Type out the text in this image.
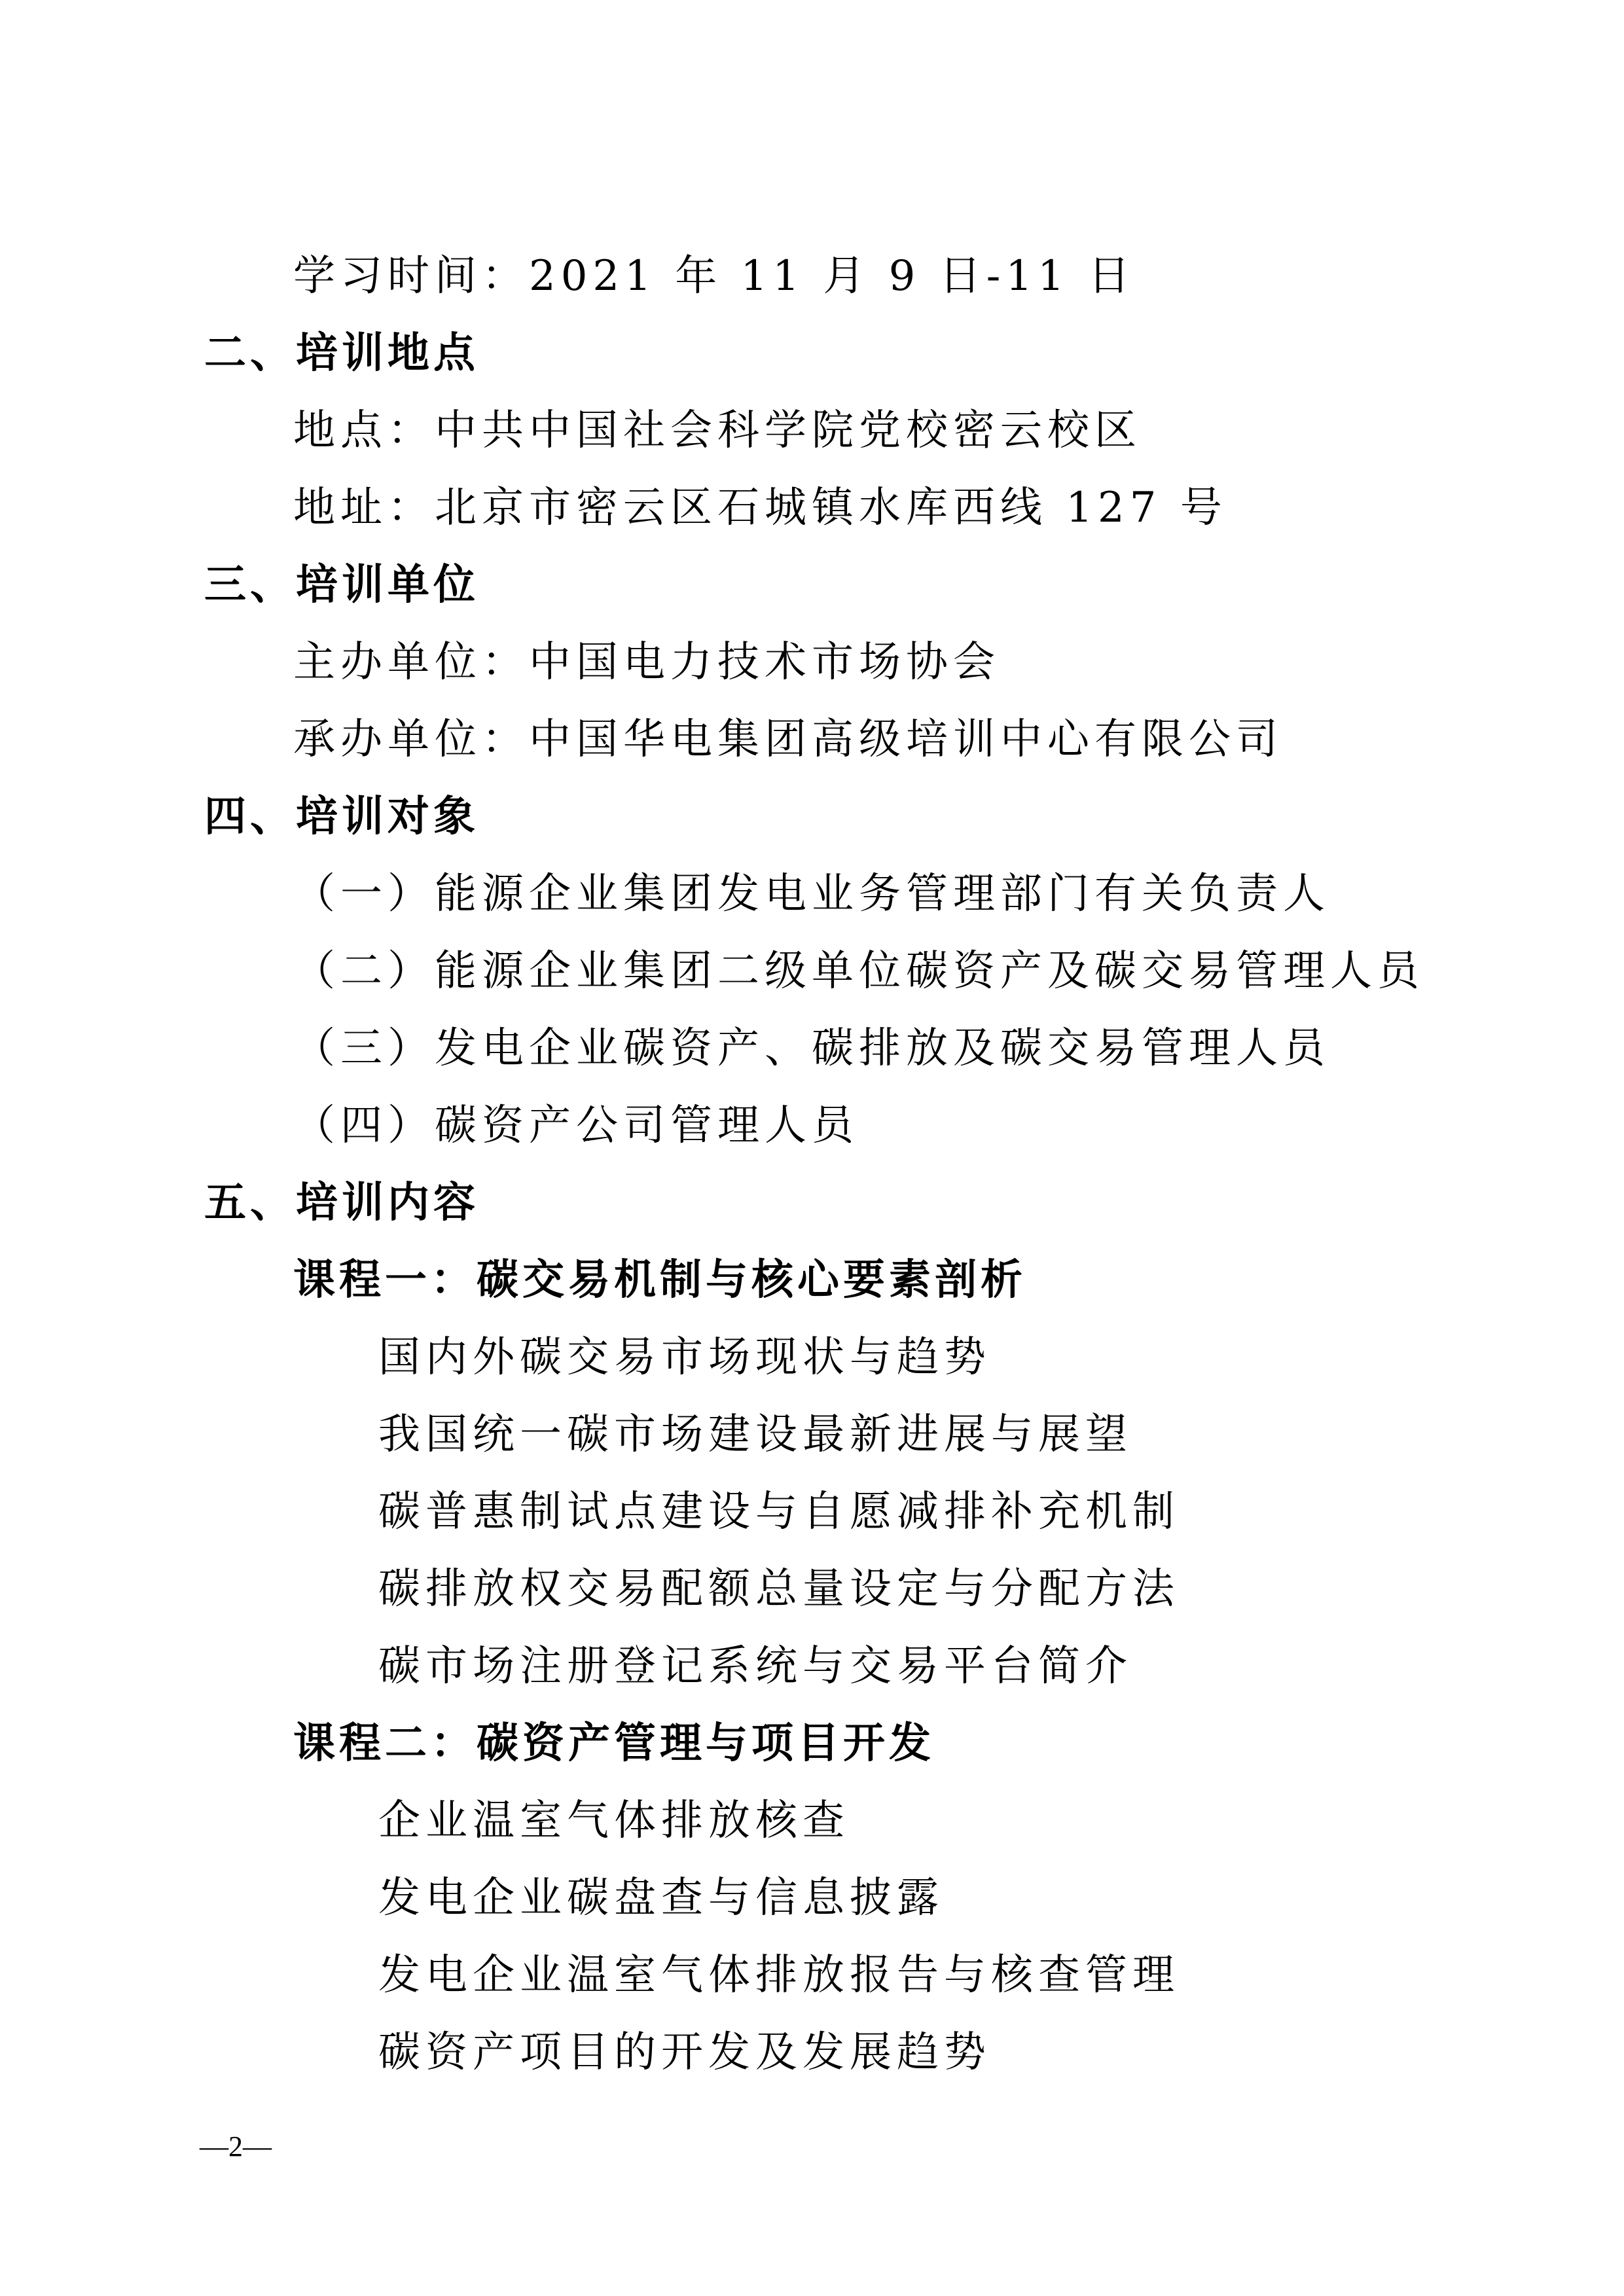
学习时间：2021 年 11 月 9 日-11 日
二、培训地点
地点：中共中国社会科学院党校密云校区
地址：北京市密云区石城镇水库西线 127 号
三、培训单位
主办单位：中国电力技术市场协会
承办单位：中国华电集团高级培训中心有限公司
四、培训对象
（一）能源企业集团发电业务管理部门有关负责人
（二）能源企业集团二级单位碳资产及碳交易管理人员
（三）发电企业碳资产、碳排放及碳交易管理人员
（四）碳资产公司管理人员
五、培训内容
课程一：碳交易机制与核心要素剖析
国内外碳交易市场现状与趋势
我国统一碳市场建设最新进展与展望
碳普惠制试点建设与自愿减排补充机制
碳排放权交易配额总量设定与分配方法
碳市场注册登记系统与交易平台简介
课程二：碳资产管理与项目开发
企业温室气体排放核查
发电企业碳盘查与信息披露
发电企业温室气体排放报告与核查管理
碳资产项目的开发及发展趋势
—2—
